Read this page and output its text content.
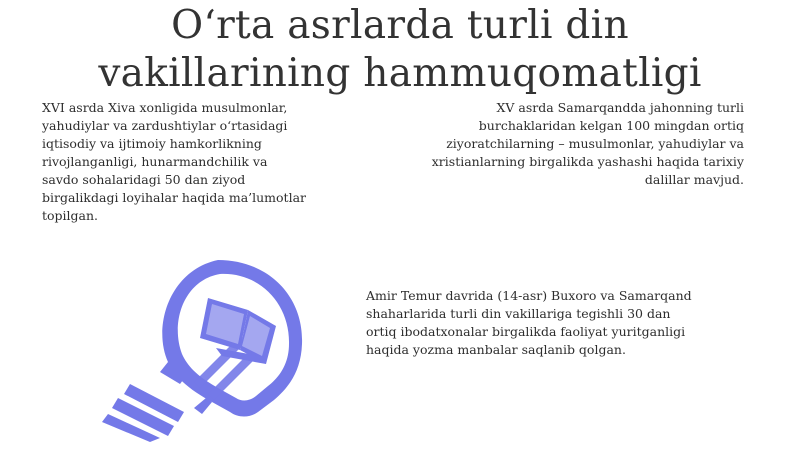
O‘rta asrlarda turli din
vakillarining hammuqomatligi
XVI asrda Xiva xonligida musulmonlar,
yahudiylar va zardushtiylar o‘rtasidagi
iqtisodiy va ijtimoiy hamkorlikning
rivojlanganligi, hunarmandchilik va
savdo sohalaridagi 50 dan ziyod
birgalikdagi loyihalar haqida ma’lumotlar
topilgan.
XV asrda Samarqandda jahonning turli
burchaklaridan kelgan 100 mingdan ortiq
ziyoratchilarning – musulmonlar, yahudiylar va
xristianlarning birgalikda yashashi haqida tarixiy
dalillar mavjud.
Amir Temur davrida (14-asr) Buxoro va Samarqand
shaharlarida turli din vakillariga tegishli 30 dan
ortiq ibodatxonalar birgalikda faoliyat yuritganligi
haqida yozma manbalar saqlanib qolgan.
